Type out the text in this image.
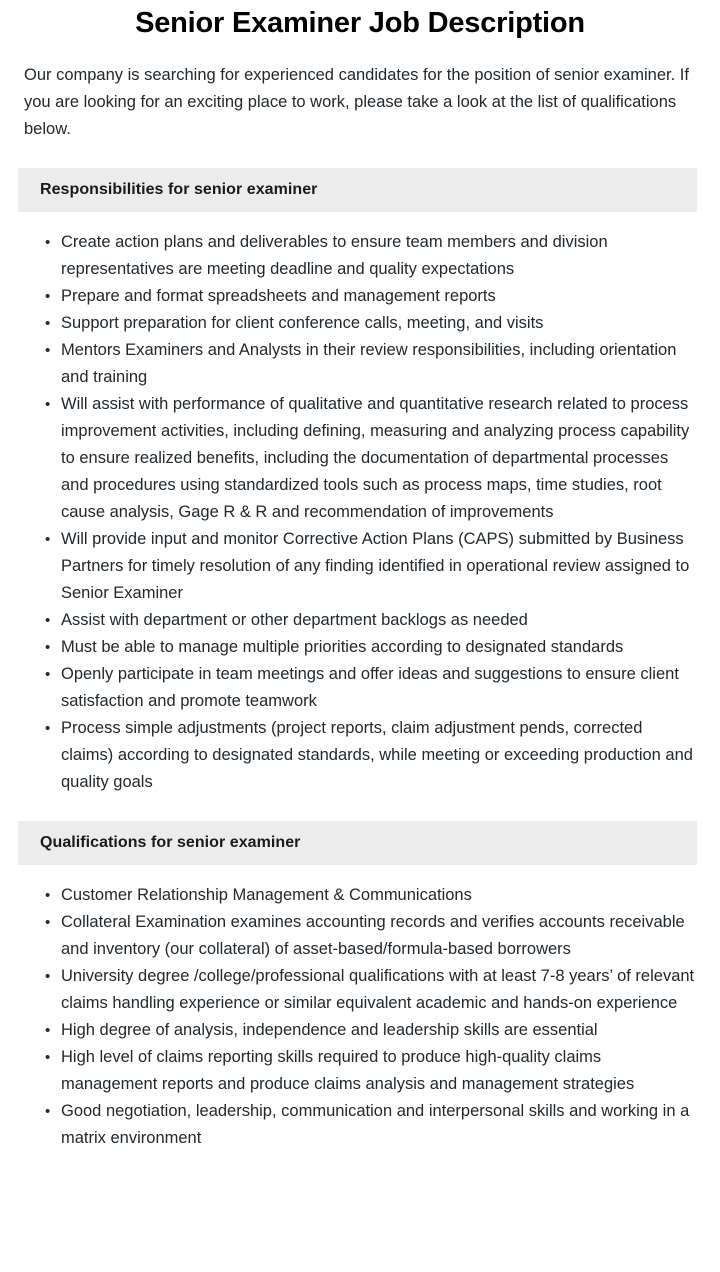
Senior Examiner Job Description

Our company is searching for experienced candidates for the position of senior examiner. If you are looking for an exciting place to work, please take a look at the list of qualifications below.

Responsibilities for senior examiner
• Create action plans and deliverables to ensure team members and division representatives are meeting deadline and quality expectations
• Prepare and format spreadsheets and management reports
• Support preparation for client conference calls, meeting, and visits
• Mentors Examiners and Analysts in their review responsibilities, including orientation and training
• Will assist with performance of qualitative and quantitative research related to process improvement activities, including defining, measuring and analyzing process capability to ensure realized benefits, including the documentation of departmental processes and procedures using standardized tools such as process maps, time studies, root cause analysis, Gage R & R and recommendation of improvements
• Will provide input and monitor Corrective Action Plans (CAPS) submitted by Business Partners for timely resolution of any finding identified in operational review assigned to Senior Examiner
• Assist with department or other department backlogs as needed
• Must be able to manage multiple priorities according to designated standards
• Openly participate in team meetings and offer ideas and suggestions to ensure client satisfaction and promote teamwork
• Process simple adjustments (project reports, claim adjustment pends, corrected claims) according to designated standards, while meeting or exceeding production and quality goals
Qualifications for senior examiner
• Customer Relationship Management & Communications
• Collateral Examination examines accounting records and verifies accounts receivable and inventory (our collateral) of asset-based/formula-based borrowers
• University degree /college/professional qualifications with at least 7-8 years’ of relevant claims handling experience or similar equivalent academic and hands-on experience
• High degree of analysis, independence and leadership skills are essential
• High level of claims reporting skills required to produce high-quality claims management reports and produce claims analysis and management strategies
• Good negotiation, leadership, communication and interpersonal skills and working in a matrix environment
